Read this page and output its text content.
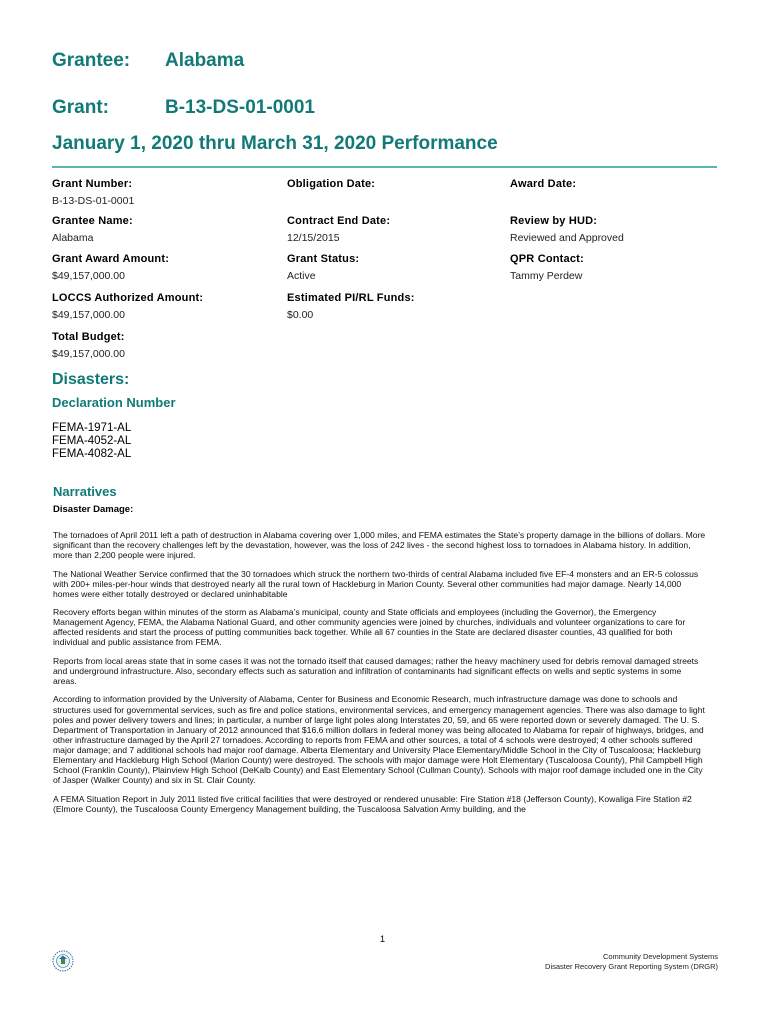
Grantee: Alabama
Grant:	B-13-DS-01-0001
January 1, 2020 thru March 31, 2020 Performance
Grant Number:
B-13-DS-01-0001
Obligation Date:	Award Date:
Grantee Name:
Alabama
Contract End Date:
12/15/2015
Review by HUD:
Reviewed and Approved
Grant Award Amount:
$49,157,000.00
Grant Status:
Active
QPR Contact:
Tammy Perdew
LOCCS Authorized Amount:
$49,157,000.00
Estimated PI/RL Funds:
$0.00
Total Budget:
$49,157,000.00
Disasters:
Declaration Number
FEMA-1971-AL
FEMA-4052-AL
FEMA-4082-AL
Narratives
Disaster Damage:

The tornadoes of April 2011 left a path of destruction in Alabama covering over 1,000 miles, and FEMA estimates the State’s property damage in the billions of dollars. More significant than the recovery challenges left by the devastation, however, was the loss of 242 lives - the second highest loss to tornadoes in Alabama history. In addition, more than 2,200 people were injured.

The National Weather Service confirmed that the 30 tornadoes which struck the northern two-thirds of central Alabama included five EF-4 monsters and an ER-5 colossus with 200+ miles-per-hour winds that destroyed nearly all the rural town of Hackleburg in Marion County. Several other communities had major damage. Nearly 14,000 homes were either totally destroyed or declared uninhabitable

Recovery efforts began within minutes of the storm as Alabama’s municipal, county and State officials and employees (including the Governor), the Emergency Management Agency, FEMA, the Alabama National Guard, and other community agencies were joined by churches, individuals and volunteer organizations to care for affected residents and start the process of putting communities back together. While all 67 counties in the State are declared disaster counties, 43 qualified for both individual and public assistance from FEMA.

Reports from local areas state that in some cases it was not the tornado itself that caused damages; rather the heavy machinery used for debris removal damaged streets and underground infrastructure. Also, secondary effects such as saturation and infiltration of contaminants had significant effects on wells and septic systems in some areas.

According to information provided by the University of Alabama, Center for Business and Economic Research, much infrastructure damage was done to schools and structures used for governmental services, such as fire and police stations, environmental services, and emergency management agencies. There was also damage to light poles and power delivery towers and lines; in particular, a number of large light poles along Interstates 20, 59, and 65 were reported down or severely damaged. The U. S. Department of Transportation in January of 2012 announced that $16.6 million dollars in federal money was being allocated to Alabama for repair of highways, bridges, and other infrastructure damaged by the April 27 tornadoes. According to reports from FEMA and other sources, a total of 4 schools were destroyed; 4 other schools suffered major damage; and 7 additional schools had major roof damage. Alberta Elementary and University Place Elementary/Middle School in the City of Tuscaloosa; Hackleburg Elementary and Hackleburg High School (Marion County) were destroyed. The schools with major damage were Holt Elementary (Tuscaloosa County), Phil Campbell High School (Franklin County), Plainview High School (DeKalb County) and East Elementary School (Cullman County). Schools with major roof damage included one in the City of Jasper (Walker County) and six in St. Clair County.

A FEMA Situation Report in July 2011 listed five critical facilities that were destroyed or rendered unusable: Fire Station #18 (Jefferson County), Kowaliga Fire Station #2 (Elmore County), the Tuscaloosa County Emergency Management building, the Tuscaloosa Salvation Army building, and the

1
Community Development Systems
Disaster Recovery Grant Reporting System (DRGR)
